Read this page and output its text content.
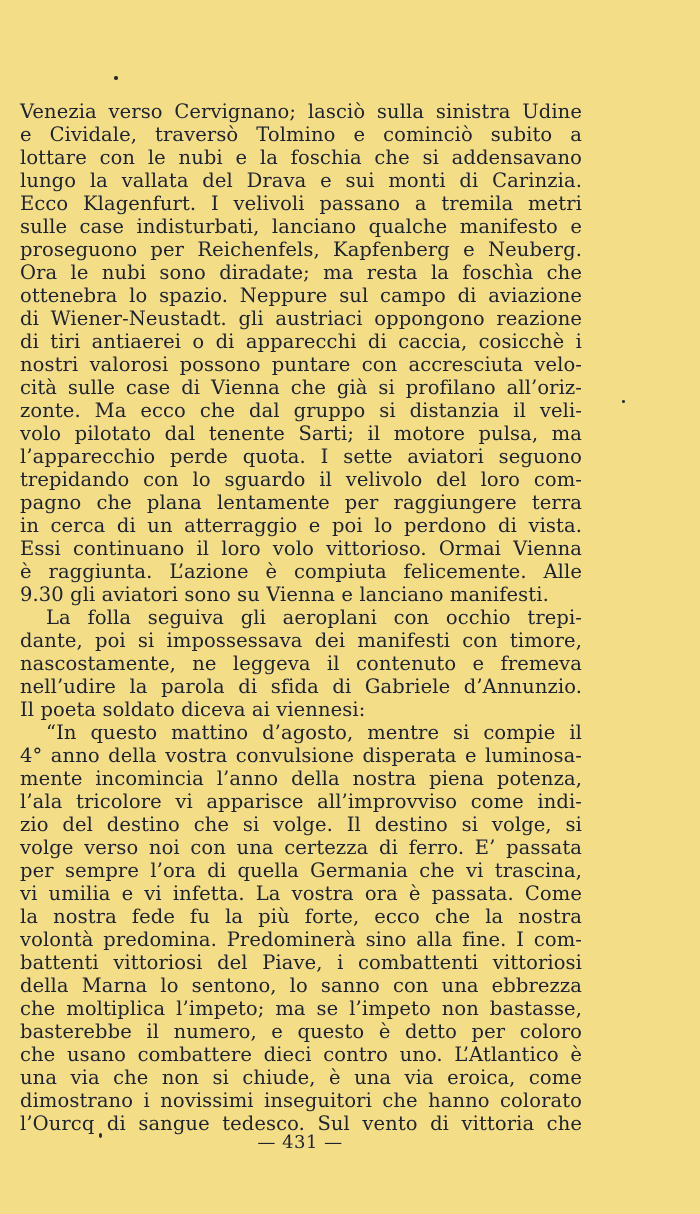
Venezia verso Cervignano; lasciò sulla sinistra Udine
e Cividale, traversò Tolmino e cominciò subito a
lottare con le nubi e la foschia che si addensavano
lungo la vallata del Drava e sui monti di Carinzia.
Ecco Klagenfurt. I velivoli passano a tremila metri
sulle case indisturbati, lanciano qualche manifesto e
proseguono per Reichenfels, Kapfenberg e Neuberg.
Ora le nubi sono diradate; ma resta la foschìa che
ottenebra lo spazio. Neppure sul campo di aviazione
di Wiener-Neustadt. gli austriaci oppongono reazione
di tiri antiaerei o di apparecchi di caccia, cosicchè i
nostri valorosi possono puntare con accresciuta velo-
cità sulle case di Vienna che già si profilano all’oriz-
zonte. Ma ecco che dal gruppo si distanzia il veli-
volo pilotato dal tenente Sarti; il motore pulsa, ma
l’apparecchio perde quota. I sette aviatori seguono
trepidando con lo sguardo il velivolo del loro com-
pagno che plana lentamente per raggiungere terra
in cerca di un atterraggio e poi lo perdono di vista.
Essi continuano il loro volo vittorioso. Ormai Vienna
è raggiunta. L’azione è compiuta felicemente. Alle
9.30 gli aviatori sono su Vienna e lanciano manifesti.
La folla seguiva gli aeroplani con occhio trepi-
dante, poi si impossessava dei manifesti con timore,
nascostamente, ne leggeva il contenuto e fremeva
nell’udire la parola di sfida di Gabriele d’Annunzio.
Il poeta soldato diceva ai viennesi:
“In questo mattino d’agosto, mentre si compie il
4° anno della vostra convulsione disperata e luminosa-
mente incomincia l’anno della nostra piena potenza,
l’ala tricolore vi apparisce all’improvviso come indi-
zio del destino che si volge. Il destino si volge, si
volge verso noi con una certezza di ferro. E’ passata
per sempre l’ora di quella Germania che vi trascina,
vi umilia e vi infetta. La vostra ora è passata. Come
la nostra fede fu la più forte, ecco che la nostra
volontà predomina. Predominerà sino alla fine. I com-
battenti vittoriosi del Piave, i combattenti vittoriosi
della Marna lo sentono, lo sanno con una ebbrezza
che moltiplica l’impeto; ma se l’impeto non bastasse,
basterebbe il numero, e questo è detto per coloro
che usano combattere dieci contro uno. L’Atlantico è
una via che non si chiude, è una via eroica, come
dimostrano i novissimi inseguitori che hanno colorato
l’Ourcq di sangue tedesco. Sul vento di vittoria che
— 431 —
